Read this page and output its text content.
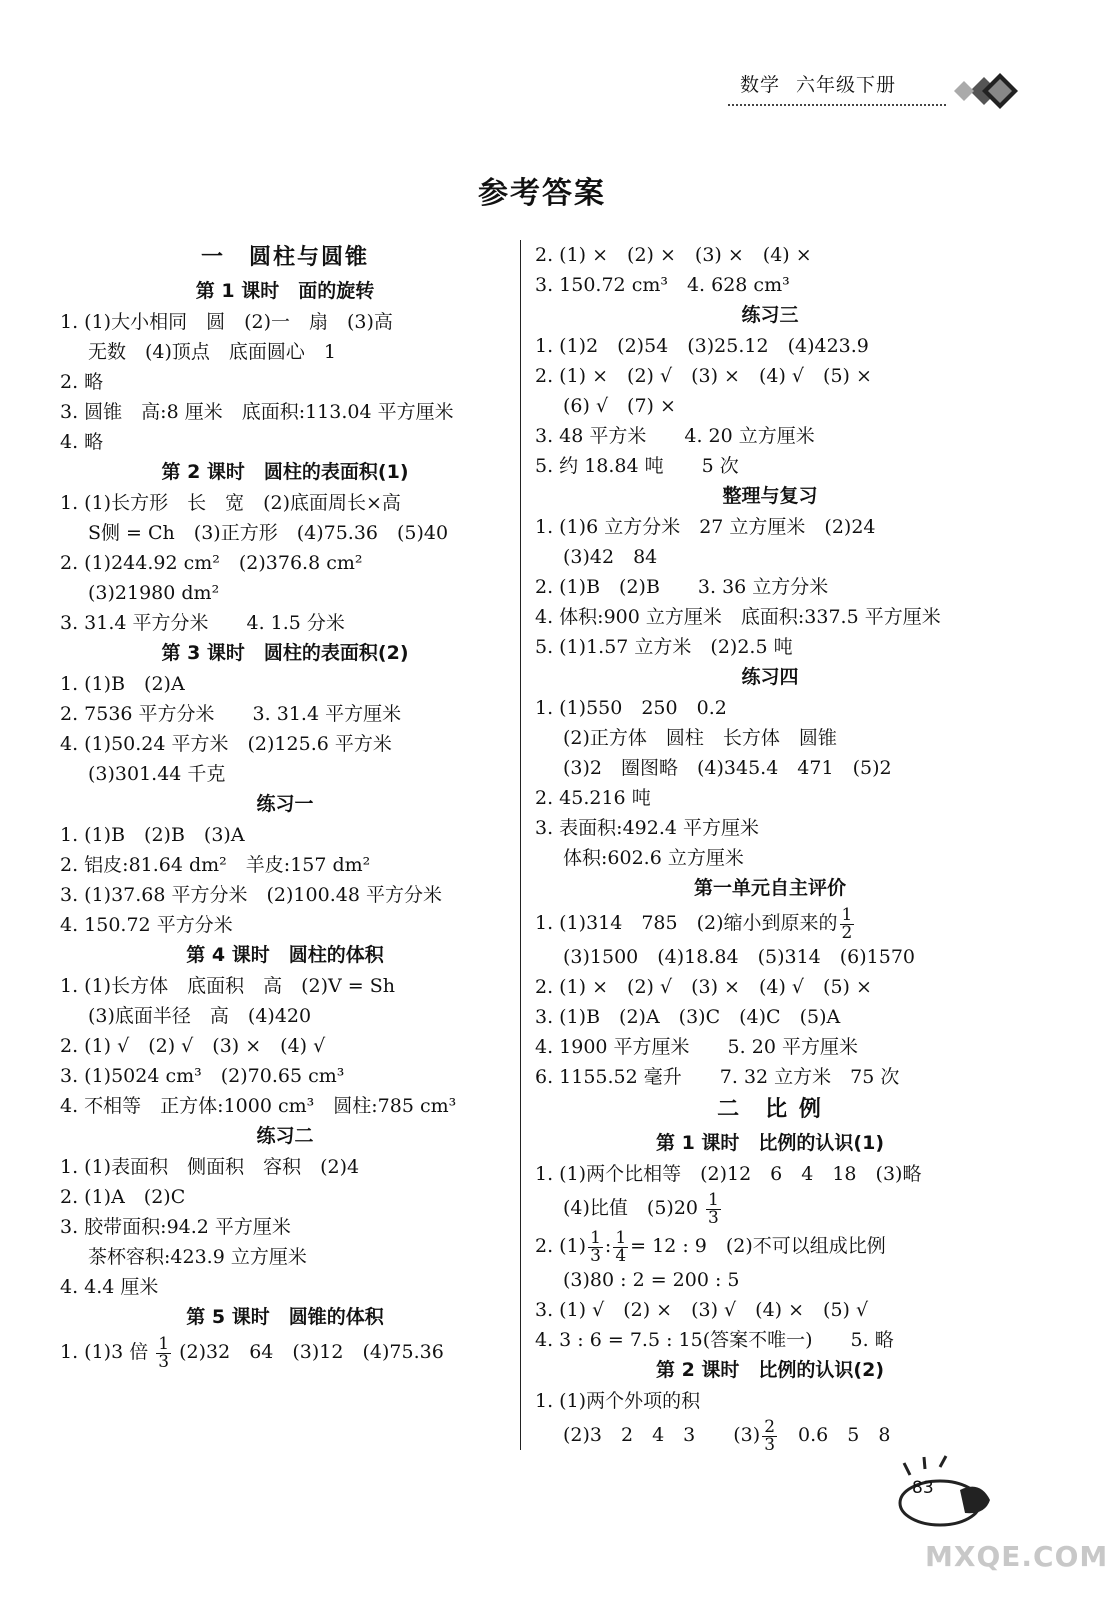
数学 六年级下册
参考答案
一　圆柱与圆锥
第 1 课时　面的旋转
1. (1)大小相同　圆　(2)一　扇　(3)高
无数　(4)顶点　底面圆心　1
2. 略
3. 圆锥　高:8 厘米　底面积:113.04 平方厘米
4. 略
第 2 课时　圆柱的表面积(1)
1. (1)长方形　长　宽　(2)底面周长×高
S侧 = Ch　(3)正方形　(4)75.36　(5)40
2. (1)244.92 cm²　(2)376.8 cm²
(3)21980 dm²
3. 31.4 平方分米　　4. 1.5 分米
第 3 课时　圆柱的表面积(2)
1. (1)B　(2)A
2. 7536 平方分米　　3. 31.4 平方厘米
4. (1)50.24 平方米　(2)125.6 平方米
(3)301.44 千克
练习一
1. (1)B　(2)B　(3)A
2. 铝皮:81.64 dm²　羊皮:157 dm²
3. (1)37.68 平方分米　(2)100.48 平方分米
4. 150.72 平方分米
第 4 课时　圆柱的体积
1. (1)长方体　底面积　高　(2)V = Sh
(3)底面半径　高　(4)420
2. (1) √　(2) √　(3) ×　(4) √
3. (1)5024 cm³　(2)70.65 cm³
4. 不相等　正方体:1000 cm³　圆柱:785 cm³
练习二
1. (1)表面积　侧面积　容积　(2)4
2. (1)A　(2)C
3. 胶带面积:94.2 平方厘米
茶杯容积:423.9 立方厘米
4. 4.4 厘米
第 5 课时　圆锥的体积
1. (1)3 倍 $\frac{1}{3} (2)32$　64　(3)12　(4)75.36
2. (1) ×　(2) ×　(3) ×　(4) ×
3. 150.72 cm³　4. 628 cm³
练习三
1. (1)2　(2)54　(3)25.12　(4)423.9
2. (1) ×　(2) √　(3) ×　(4) √　(5) ×
(6) √　(7) ×
3. 48 平方米　　4. 20 立方厘米
5. 约 18.84 吨　　5 次
整理与复习
1. (1)6 立方分米　27 立方厘米　(2)24
(3)42　84
2. (1)B　(2)B　　3. 36 立方分米
4. 体积:900 立方厘米　底面积:337.5 平方厘米
5. (1)1.57 立方米　(2)2.5 吨
练习四
1. (1)550　250　0.2
(2)正方体　圆柱　长方体　圆锥
(3)2　圈图略　(4)345.4　471　(5)2
2. 45.216 吨
3. 表面积:492.4 平方厘米
体积:602.6 立方厘米
第一单元自主评价
1. (1)314　785　(2)缩小到原来的 $\frac{1}{2}$
(3)1500　(4)18.84　(5)314　(6)1570
2. (1) ×　(2) √　(3) ×　(4) √　(5) ×
3. (1)B　(2)A　(3)C　(4)C　(5)A
4. 1900 平方厘米　　5. 20 平方厘米
6. 1155.52 毫升　　7. 32 立方米　75 次
二　比 例
第 1 课时　比例的认识(1)
1. (1)两个比相等　(2)12　6　4　18　(3)略
(4)比值　$(5)20 \frac{1}{3}$
2. $(1) \frac{1}{3}$ : $\frac{1}{4} = 12$ : 9　(2)不可以组成比例
(3)80 : 2 = 200 : 5
3. (1) √　(2) ×　(3) √　(4) ×　(5) √
4. 3 : 6 = 7.5 : 15(答案不唯一)　　5. 略
第 2 课时　比例的认识(2)
1. (1)两个外项的积
(2)3　2　4　3　　$(3) \frac{2}{3}$ 　0.6　5　8
83
MXQE.COM
